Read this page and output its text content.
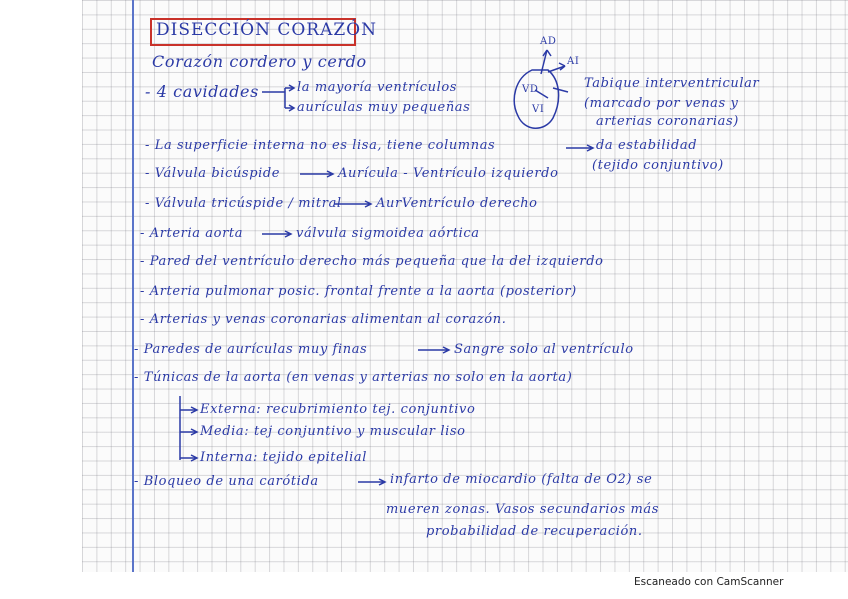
DISECCIÓN CORAZÓN
Corazón cordero y cerdo
AD
AI
VD
VI
Tabique interventricular
(marcado por venas y
arterias coronarias)
- 4 cavidades	la mayoría ventrículos
aurículas muy pequeñas
- La superficie interna no es lisa, tiene columnas	da estabilidad
(tejido conjuntivo)
- Válvula bicúspide	Aurícula - Ventrículo izquierdo
- Válvula tricúspide / mitral	AurVentrículo derecho
- Arteria aorta	válvula sigmoidea aórtica
- Pared del ventrículo derecho más pequeña que la del izquierdo
- Arteria pulmonar posic. frontal frente a la aorta (posterior)
- Arterias y venas coronarias alimentan al corazón.
- Paredes de aurículas muy finas	Sangre solo al ventrículo
- Túnicas de la aorta (en venas y arterias no solo en la aorta)
Externa: recubrimiento tej. conjuntivo
Media: tej conjuntivo y muscular liso
Interna: tejido epitelial
- Bloqueo de una carótida	infarto de miocardio (falta de O2) se
mueren zonas. Vasos secundarios más
probabilidad de recuperación.
Escaneado con CamScanner
